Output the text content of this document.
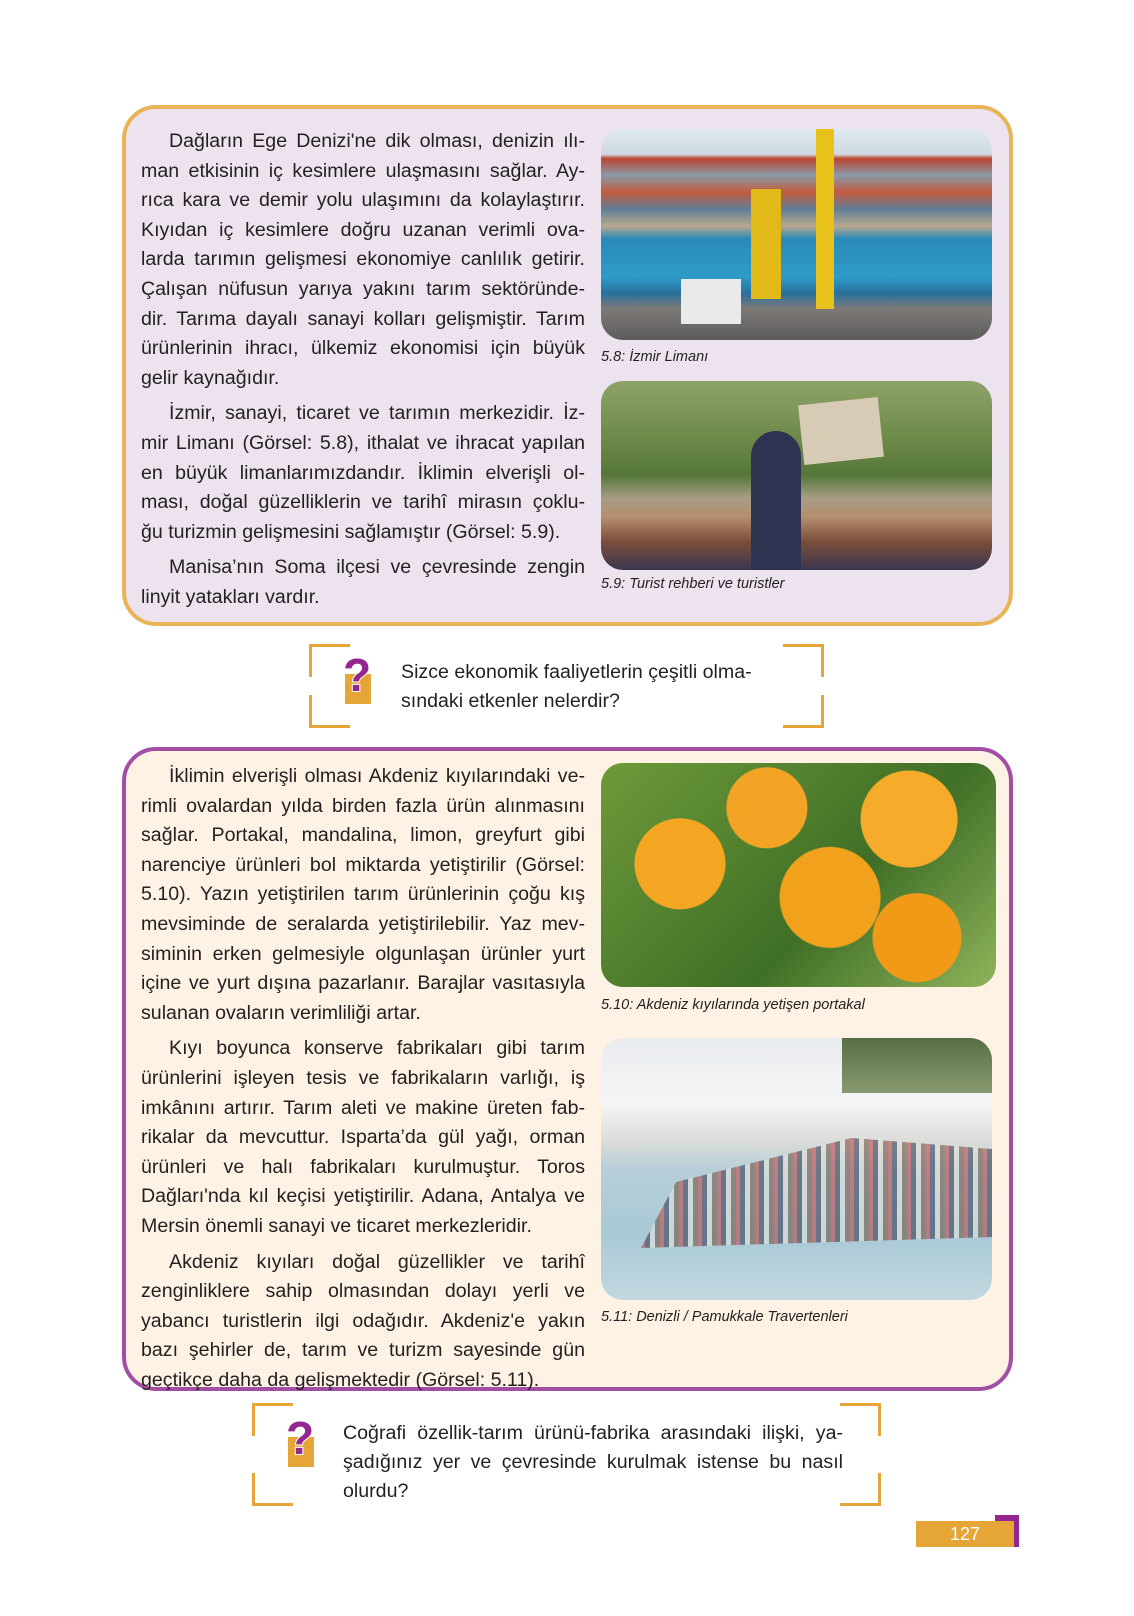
Dağların Ege Denizi'ne dik olması, denizin ılı-
man etkisinin iç kesimlere ulaşmasını sağlar. Ay-
rıca kara ve demir yolu ulaşımını da kolaylaştırır.
Kıyıdan iç kesimlere doğru uzanan verimli ova-
larda tarımın gelişmesi ekonomiye canlılık getirir.
Çalışan nüfusun yarıya yakını tarım sektöründe-
dir. Tarıma dayalı sanayi kolları gelişmiştir. Tarım
ürünlerinin ihracı, ülkemiz ekonomisi için büyük
gelir kaynağıdır.
İzmir, sanayi, ticaret ve tarımın merkezidir. İz-
mir Limanı (Görsel: 5.8), ithalat ve ihracat yapılan
en büyük limanlarımızdandır. İklimin elverişli ol-
ması, doğal güzelliklerin ve tarihî mirasın çoklu-
ğu turizmin gelişmesini sağlamıştır (Görsel: 5.9).
Manisa’nın Soma ilçesi ve çevresinde zengin
linyit yatakları vardır.
5.8: İzmir Limanı
5.9: Turist rehberi ve turistler
? Sizce ekonomik faaliyetlerin çeşitli olma-
sındaki etkenler nelerdir?
İklimin elverişli olması Akdeniz kıyılarındaki ve-
rimli ovalardan yılda birden fazla ürün alınmasını
sağlar. Portakal, mandalina, limon, greyfurt gibi
narenciye ürünleri bol miktarda yetiştirilir (Görsel:
5.10). Yazın yetiştirilen tarım ürünlerinin çoğu kış
mevsiminde de seralarda yetiştirilebilir. Yaz mev-
siminin erken gelmesiyle olgunlaşan ürünler yurt
içine ve yurt dışına pazarlanır. Barajlar vasıtasıyla
sulanan ovaların verimliliği artar.
Kıyı boyunca konserve fabrikaları gibi tarım
ürünlerini işleyen tesis ve fabrikaların varlığı, iş
imkânını artırır. Tarım aleti ve makine üreten fab-
rikalar da mevcuttur. Isparta’da gül yağı, orman
ürünleri ve halı fabrikaları kurulmuştur. Toros
Dağları'nda kıl keçisi yetiştirilir. Adana, Antalya ve
Mersin önemli sanayi ve ticaret merkezleridir.
Akdeniz kıyıları doğal güzellikler ve tarihî
zenginliklere sahip olmasından dolayı yerli ve
yabancı turistlerin ilgi odağıdır. Akdeniz'e yakın
bazı şehirler de, tarım ve turizm sayesinde gün
geçtikçe daha da gelişmektedir (Görsel: 5.11).
5.10: Akdeniz kıyılarında yetişen portakal
5.11: Denizli / Pamukkale Travertenleri
? Coğrafi özellik-tarım ürünü-fabrika arasındaki ilişki, ya-
şadığınız yer ve çevresinde kurulmak istense bu nasıl
olurdu?
127
